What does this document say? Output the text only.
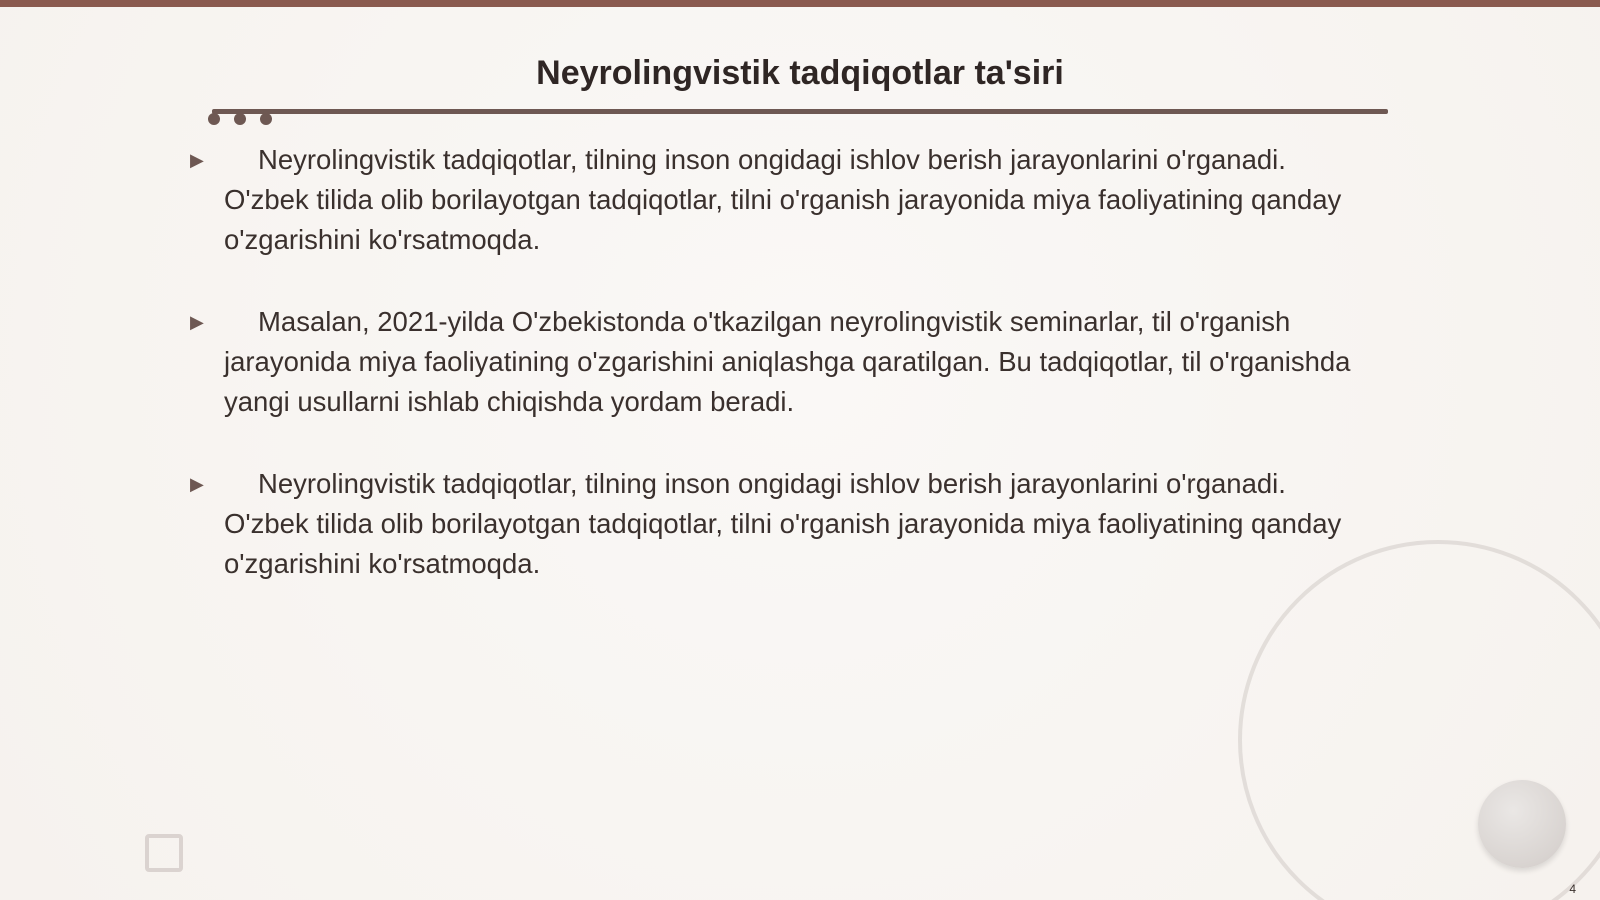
Neyrolingvistik tadqiqotlar ta'siri
▶	Neyrolingvistik tadqiqotlar, tilning inson ongidagi ishlov berish jarayonlarini o'rganadi. O'zbek tilida olib borilayotgan tadqiqotlar, tilni o'rganish jarayonida miya faoliyatining qanday o'zgarishini ko'rsatmoqda.
▶	Masalan, 2021-yilda O'zbekistonda o'tkazilgan neyrolingvistik seminarlar, til o'rganish jarayonida miya faoliyatining o'zgarishini aniqlashga qaratilgan. Bu tadqiqotlar, til o'rganishda yangi usullarni ishlab chiqishda yordam beradi.
▶	Neyrolingvistik tadqiqotlar, tilning inson ongidagi ishlov berish jarayonlarini o'rganadi. O'zbek tilida olib borilayotgan tadqiqotlar, tilni o'rganish jarayonida miya faoliyatining qanday o'zgarishini ko'rsatmoqda.
4
